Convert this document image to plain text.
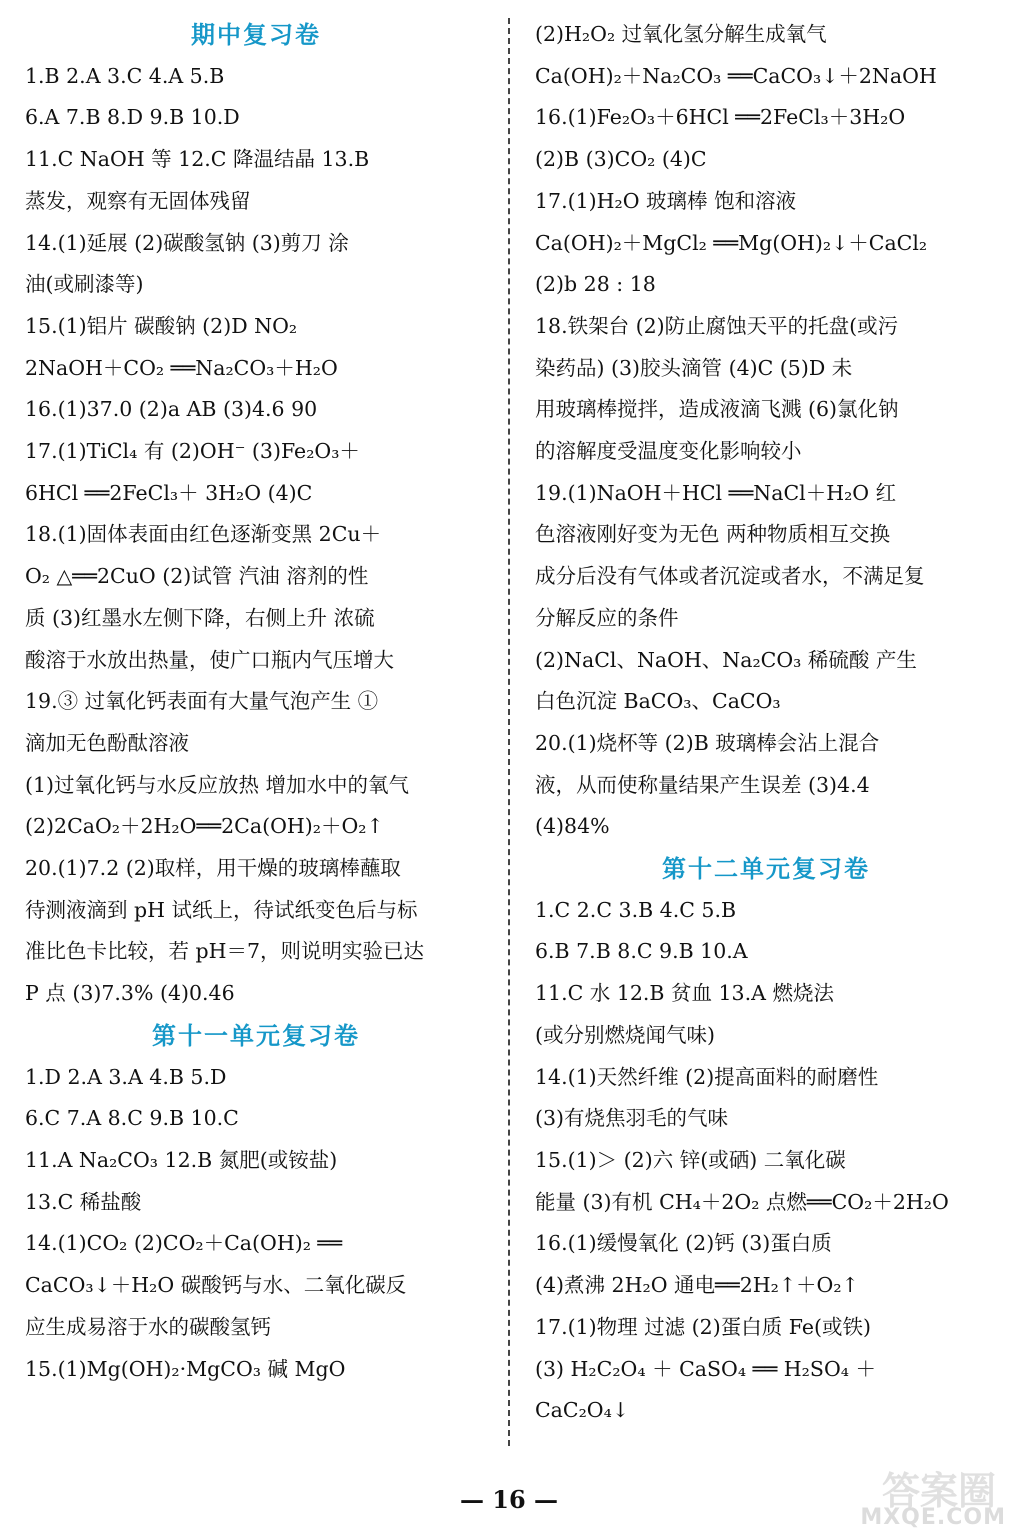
期中复习卷
1.B 2.A 3.C 4.A 5.B
6.A 7.B 8.D 9.B 10.D
11.C NaOH 等 12.C 降温结晶 13.B
蒸发，观察有无固体残留
14.(1)延展 (2)碳酸氢钠 (3)剪刀 涂
油(或刷漆等)
15.(1)铝片 碳酸钠 (2)D NO₂
2NaOH＋CO₂ ══Na₂CO₃＋H₂O
16.(1)37.0 (2)a AB (3)4.6 90
17.(1)TiCl₄ 有 (2)OH⁻ (3)Fe₂O₃＋
6HCl ══2FeCl₃＋ 3H₂O (4)C
18.(1)固体表面由红色逐渐变黑 2Cu＋
O₂ △══2CuO (2)试管 汽油 溶剂的性
质 (3)红墨水左侧下降，右侧上升 浓硫
酸溶于水放出热量，使广口瓶内气压增大
19.③ 过氧化钙表面有大量气泡产生 ①
滴加无色酚酞溶液
(1)过氧化钙与水反应放热 增加水中的氧气
(2)2CaO₂＋2H₂O══2Ca(OH)₂＋O₂↑
20.(1)7.2 (2)取样，用干燥的玻璃棒蘸取
待测液滴到 pH 试纸上，待试纸变色后与标
准比色卡比较，若 pH＝7，则说明实验已达
P 点 (3)7.3% (4)0.46
第十一单元复习卷
1.D 2.A 3.A 4.B 5.D
6.C 7.A 8.C 9.B 10.C
11.A Na₂CO₃ 12.B 氮肥(或铵盐)
13.C 稀盐酸
14.(1)CO₂ (2)CO₂＋Ca(OH)₂ ══
CaCO₃↓＋H₂O 碳酸钙与水、二氧化碳反
应生成易溶于水的碳酸氢钙
15.(1)Mg(OH)₂·MgCO₃ 碱 MgO
(2)H₂O₂ 过氧化氢分解生成氧气
Ca(OH)₂＋Na₂CO₃ ══CaCO₃↓＋2NaOH
16.(1)Fe₂O₃＋6HCl ══2FeCl₃＋3H₂O
(2)B (3)CO₂ (4)C
17.(1)H₂O 玻璃棒 饱和溶液
Ca(OH)₂＋MgCl₂ ══Mg(OH)₂↓＋CaCl₂
(2)b 28 : 18
18.铁架台 (2)防止腐蚀天平的托盘(或污
染药品) (3)胶头滴管 (4)C (5)D 未
用玻璃棒搅拌，造成液滴飞溅 (6)氯化钠
的溶解度受温度变化影响较小
19.(1)NaOH＋HCl ══NaCl＋H₂O 红
色溶液刚好变为无色 两种物质相互交换
成分后没有气体或者沉淀或者水，不满足复
分解反应的条件
(2)NaCl、NaOH、Na₂CO₃ 稀硫酸 产生
白色沉淀 BaCO₃、CaCO₃
20.(1)烧杯等 (2)B 玻璃棒会沾上混合
液，从而使称量结果产生误差 (3)4.4
(4)84%
第十二单元复习卷
1.C 2.C 3.B 4.C 5.B
6.B 7.B 8.C 9.B 10.A
11.C 水 12.B 贫血 13.A 燃烧法
(或分别燃烧闻气味)
14.(1)天然纤维 (2)提高面料的耐磨性
(3)有烧焦羽毛的气味
15.(1)＞ (2)六 锌(或硒) 二氧化碳
能量 (3)有机 CH₄＋2O₂ 点燃══CO₂＋2H₂O
16.(1)缓慢氧化 (2)钙 (3)蛋白质
(4)煮沸 2H₂O 通电══2H₂↑＋O₂↑
17.(1)物理 过滤 (2)蛋白质 Fe(或铁)
(3) H₂C₂O₄ ＋ CaSO₄ ══ H₂SO₄ ＋
CaC₂O₄↓
— 16 —	答案圈
MXQE.COM
